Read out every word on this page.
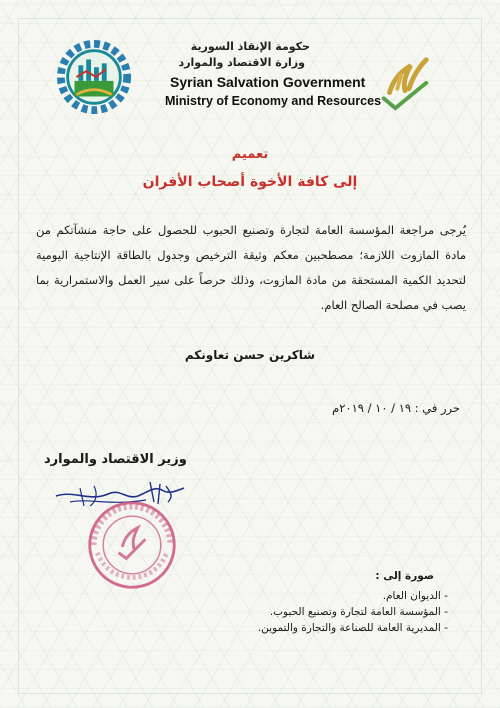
حكومة الإنقاذ السورية
وزارة الاقتصاد والموارد
Syrian Salvation Government
Ministry of Economy and Resources
تعميم
إلى كافة الأخوة أصحاب الأفران
يُرجى مراجعة المؤسسة العامة لتجارة وتصنيع الحبوب للحصول على حاجة منشآتكم من مادة المازوت اللازمة؛ مصطحبين معكم وثيقة الترخيص وجدول بالطاقة الإنتاجية اليومية لتحديد الكمية المستحقة من مادة المازوت، وذلك حرصاً على سير العمل والاستمرارية بما يصب في مصلحة الصالح العام.
شاكرين حسن تعاونكم
حرر في : ١٩ / ١٠ / ٢٠١٩م
وزير الاقتصاد والموارد
صورة إلى :
- الديوان العام.
- المؤسسة العامة لتجارة وتصنيع الحبوب.
- المديرية العامة للصناعة والتجارة والتموين.
